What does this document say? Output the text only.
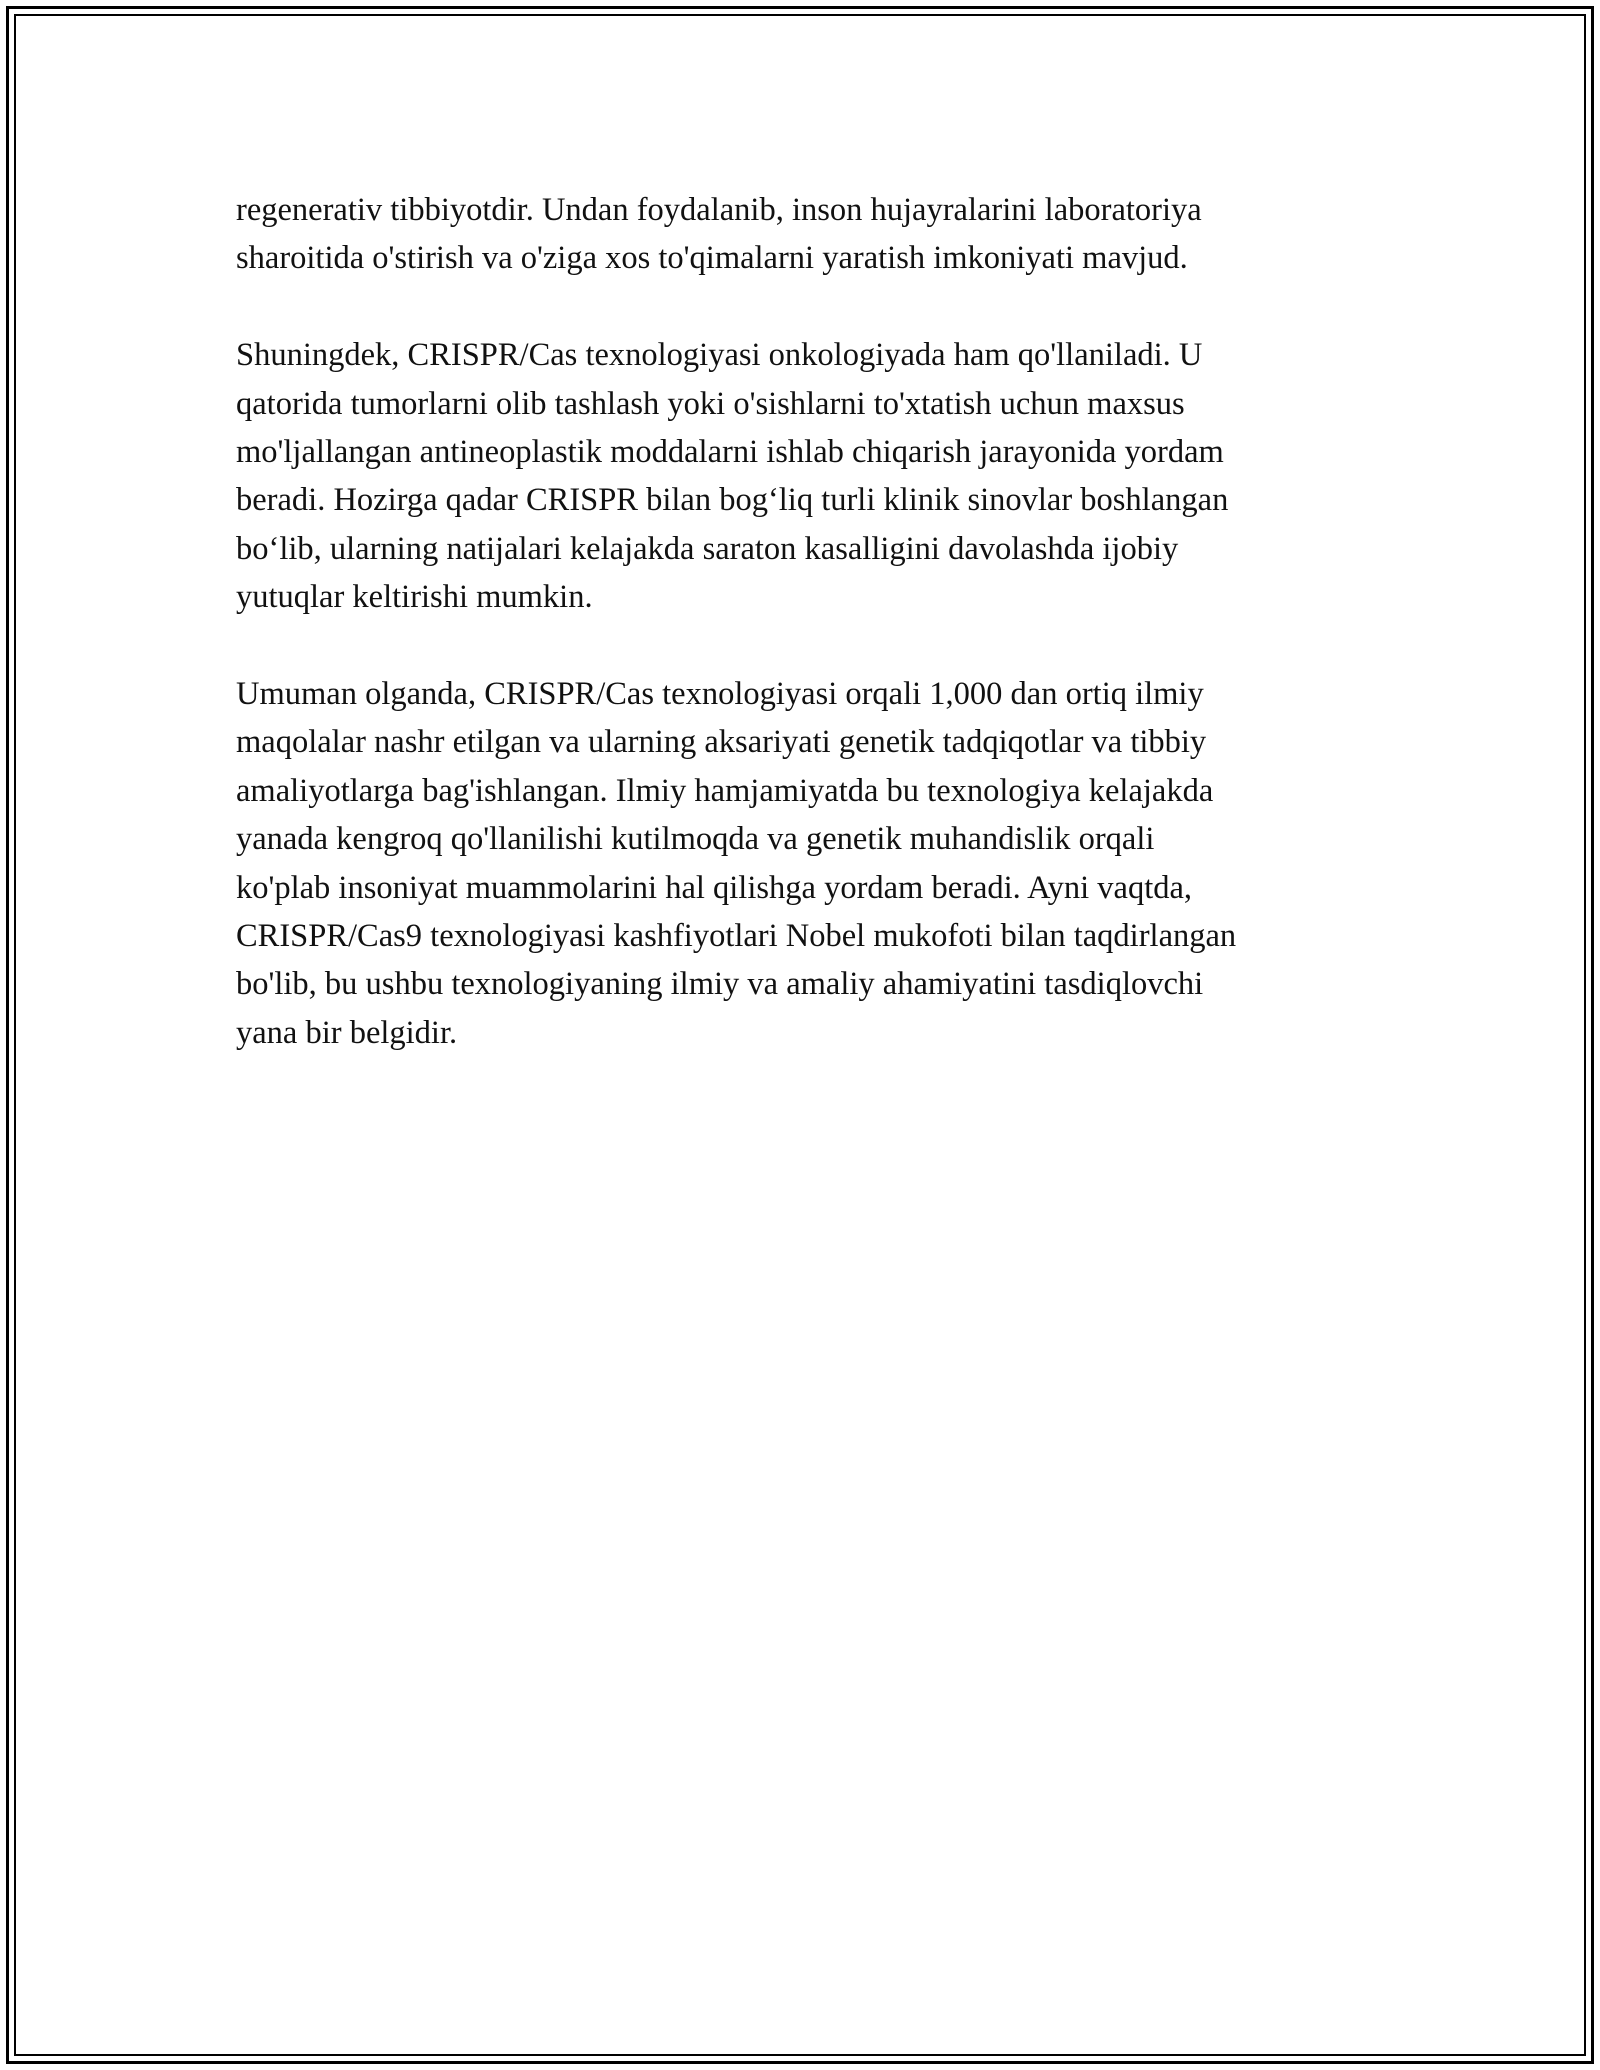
regenerativ tibbiyotdir. Undan foydalanib, inson hujayralarini laboratoriya
sharoitida o'stirish va o'ziga xos to'qimalarni yaratish imkoniyati mavjud.

Shuningdek, CRISPR/Cas texnologiyasi onkologiyada ham qo'llaniladi. U
qatorida tumorlarni olib tashlash yoki o'sishlarni to'xtatish uchun maxsus
mo'ljallangan antineoplastik moddalarni ishlab chiqarish jarayonida yordam
beradi. Hozirga qadar CRISPR bilan bog‘liq turli klinik sinovlar boshlangan
bo‘lib, ularning natijalari kelajakda saraton kasalligini davolashda ijobiy
yutuqlar keltirishi mumkin.

Umuman olganda, CRISPR/Cas texnologiyasi orqali 1,000 dan ortiq ilmiy
maqolalar nashr etilgan va ularning aksariyati genetik tadqiqotlar va tibbiy
amaliyotlarga bag'ishlangan. Ilmiy hamjamiyatda bu texnologiya kelajakda
yanada kengroq qo'llanilishi kutilmoqda va genetik muhandislik orqali
ko'plab insoniyat muammolarini hal qilishga yordam beradi. Ayni vaqtda,
CRISPR/Cas9 texnologiyasi kashfiyotlari Nobel mukofoti bilan taqdirlangan
bo'lib, bu ushbu texnologiyaning ilmiy va amaliy ahamiyatini tasdiqlovchi
yana bir belgidir.
